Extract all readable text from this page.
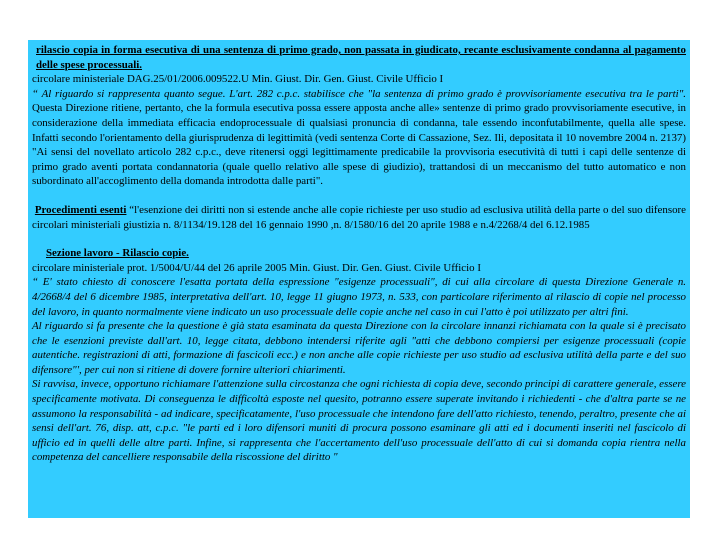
rilascio copia in forma esecutiva di una sentenza di primo grado, non passata in giudicato, recante esclusivamente condanna al pagamento delle spese processuali.

circolare ministeriale DAG.25/01/2006.009522.U Min. Giust. Dir. Gen. Giust. Civile Ufficio I

“ Al riguardo si rappresenta quanto segue. L'art. 282 c.p.c. stabilisce che "la sentenza di primo grado è provvisoriamente esecutiva tra le parti". Questa Direzione ritiene, pertanto, che la formula esecutiva possa essere apposta anche alle» sentenze di primo grado provvisoriamente esecutive, in considerazione della immediata efficacia endoprocessuale di qualsiasi pronuncia di condanna, tale essendo inconfutabilmente, quella alle spese. Infatti secondo l'orientamento della giurisprudenza di legittimità (vedi sentenza Corte di Cassazione, Sez. Ili, depositata il 10 novembre 2004 n. 2137) "Ai sensi del novellato articolo 282 c.p.c., deve ritenersi oggi legittimamente predicabile la provvisoria esecutività di tutti i capi delle sentenze di primo grado aventi portata condannatoria (quale quello relativo alle spese di giudizio), trattandosi di un meccanismo del tutto automatico e non subordinato all'accoglimento della domanda introdotta dalle parti".

Procedimenti esenti “l'esenzione dei diritti non si estende anche alle copie richieste per uso studio ad esclusiva utilità della parte o del suo difensore circolari ministeriali giustizia n. 8/1134/19.128 del 16 gennaio 1990 ,n. 8/1580/16 del 20 aprile 1988 e n.4/2268/4 del 6.12.1985

Sezione lavoro - Rilascio copie.

circolare ministeriale prot. 1/5004/U/44 del 26 aprile 2005 Min. Giust. Dir. Gen. Giust. Civile Ufficio I

“ E' stato chiesto di conoscere l'esatta portata della espressione "esigenze processuali", di cui alla circolare di questa Direzione Generale n. 4/2668/4 del 6 dicembre 1985, interpretativa dell'art. 10, legge 11 giugno 1973, n. 533, con particolare riferimento al rilascio di copie nel processo del lavoro, in quanto normalmente viene indicato un uso processuale delle copie anche nel caso in cui l'atto è poi utilizzato per altri fini.

Al riguardo si fa presente che la questione è già stata esaminata da questa Direzione con la circolare innanzi richiamata con la quale si è precisato che le esenzioni previste dall'art. 10, legge citata, debbono intendersi riferite agli "atti che debbono compiersi per esigenze processuali (copie autentiche. registrazioni di atti, formazione di fascicoli ecc.) e non anche alle copie richieste per uso studio ad esclusiva utilità della parte e del suo difensore"', per cui non si ritiene di dovere fornire ulteriori chiarimenti.

Si ravvisa, invece, opportuno richiamare l'attenzione sulla circostanza che ogni richiesta di copia deve, secondo principi di carattere generale, essere specificamente motivata. Di conseguenza le difficoltà esposte nel quesito, potranno essere superate invitando i richiedenti - che d'altra parte se ne assumono la responsabilità - ad indicare, specificatamente, l'uso processuale che intendono fare dell'atto richiesto, tenendo, peraltro, presente che ai sensi dell'art. 76, disp. att, c.p.c. "le parti ed i loro difensori muniti di procura possono esaminare gli atti ed i documenti inseriti nel fascicolo di ufficio ed in quelli delle altre parti. Infine, si rappresenta che l'accertamento dell'uso processuale dell'atto di cui si domanda copia rientra nella competenza del cancelliere responsabile della riscossione del diritto "
